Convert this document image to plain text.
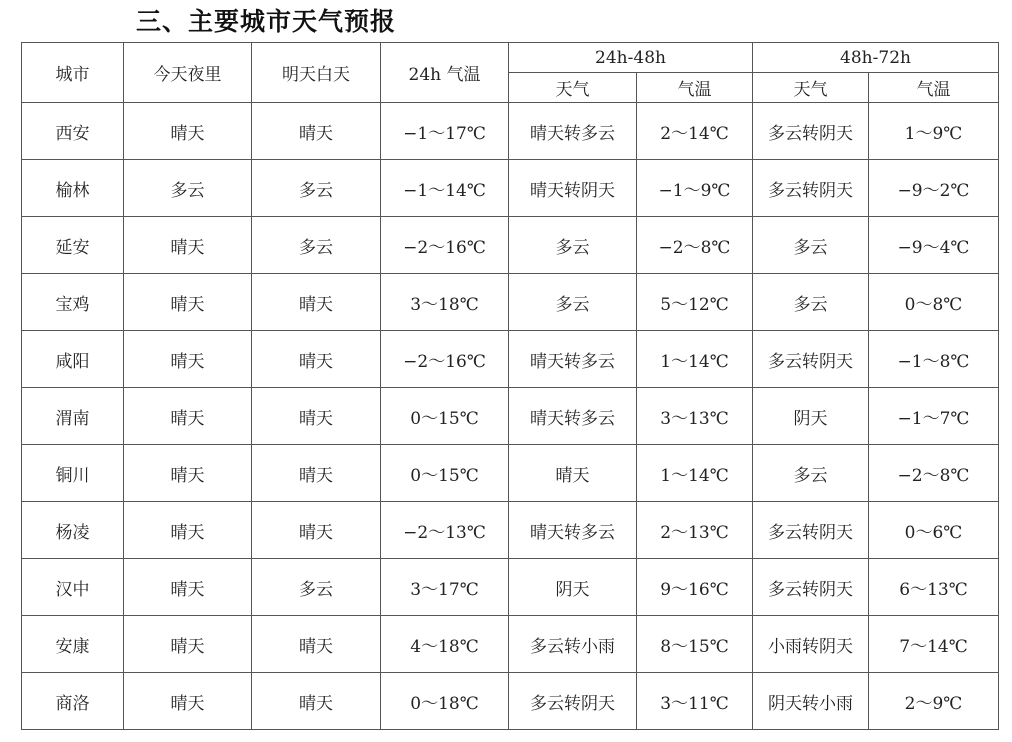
三、主要城市天气预报
城市	今天夜里	明天白天	24h 气温	24h-48h		48h-72h	
				天气	气温	天气	气温
西安	晴天	晴天	−1～17℃	晴天转多云	2～14℃	多云转阴天	1～9℃
榆林	多云	多云	−1～14℃	晴天转阴天	−1～9℃	多云转阴天	−9～2℃
延安	晴天	多云	−2～16℃	多云	−2～8℃	多云	−9～4℃
宝鸡	晴天	晴天	3～18℃	多云	5～12℃	多云	0～8℃
咸阳	晴天	晴天	−2～16℃	晴天转多云	1～14℃	多云转阴天	−1～8℃
渭南	晴天	晴天	0～15℃	晴天转多云	3～13℃	阴天	−1～7℃
铜川	晴天	晴天	0～15℃	晴天	1～14℃	多云	−2～8℃
杨凌	晴天	晴天	−2～13℃	晴天转多云	2～13℃	多云转阴天	0～6℃
汉中	晴天	多云	3～17℃	阴天	9～16℃	多云转阴天	6～13℃
安康	晴天	晴天	4～18℃	多云转小雨	8～15℃	小雨转阴天	7～14℃
商洛	晴天	晴天	0～18℃	多云转阴天	3～11℃	阴天转小雨	2～9℃
